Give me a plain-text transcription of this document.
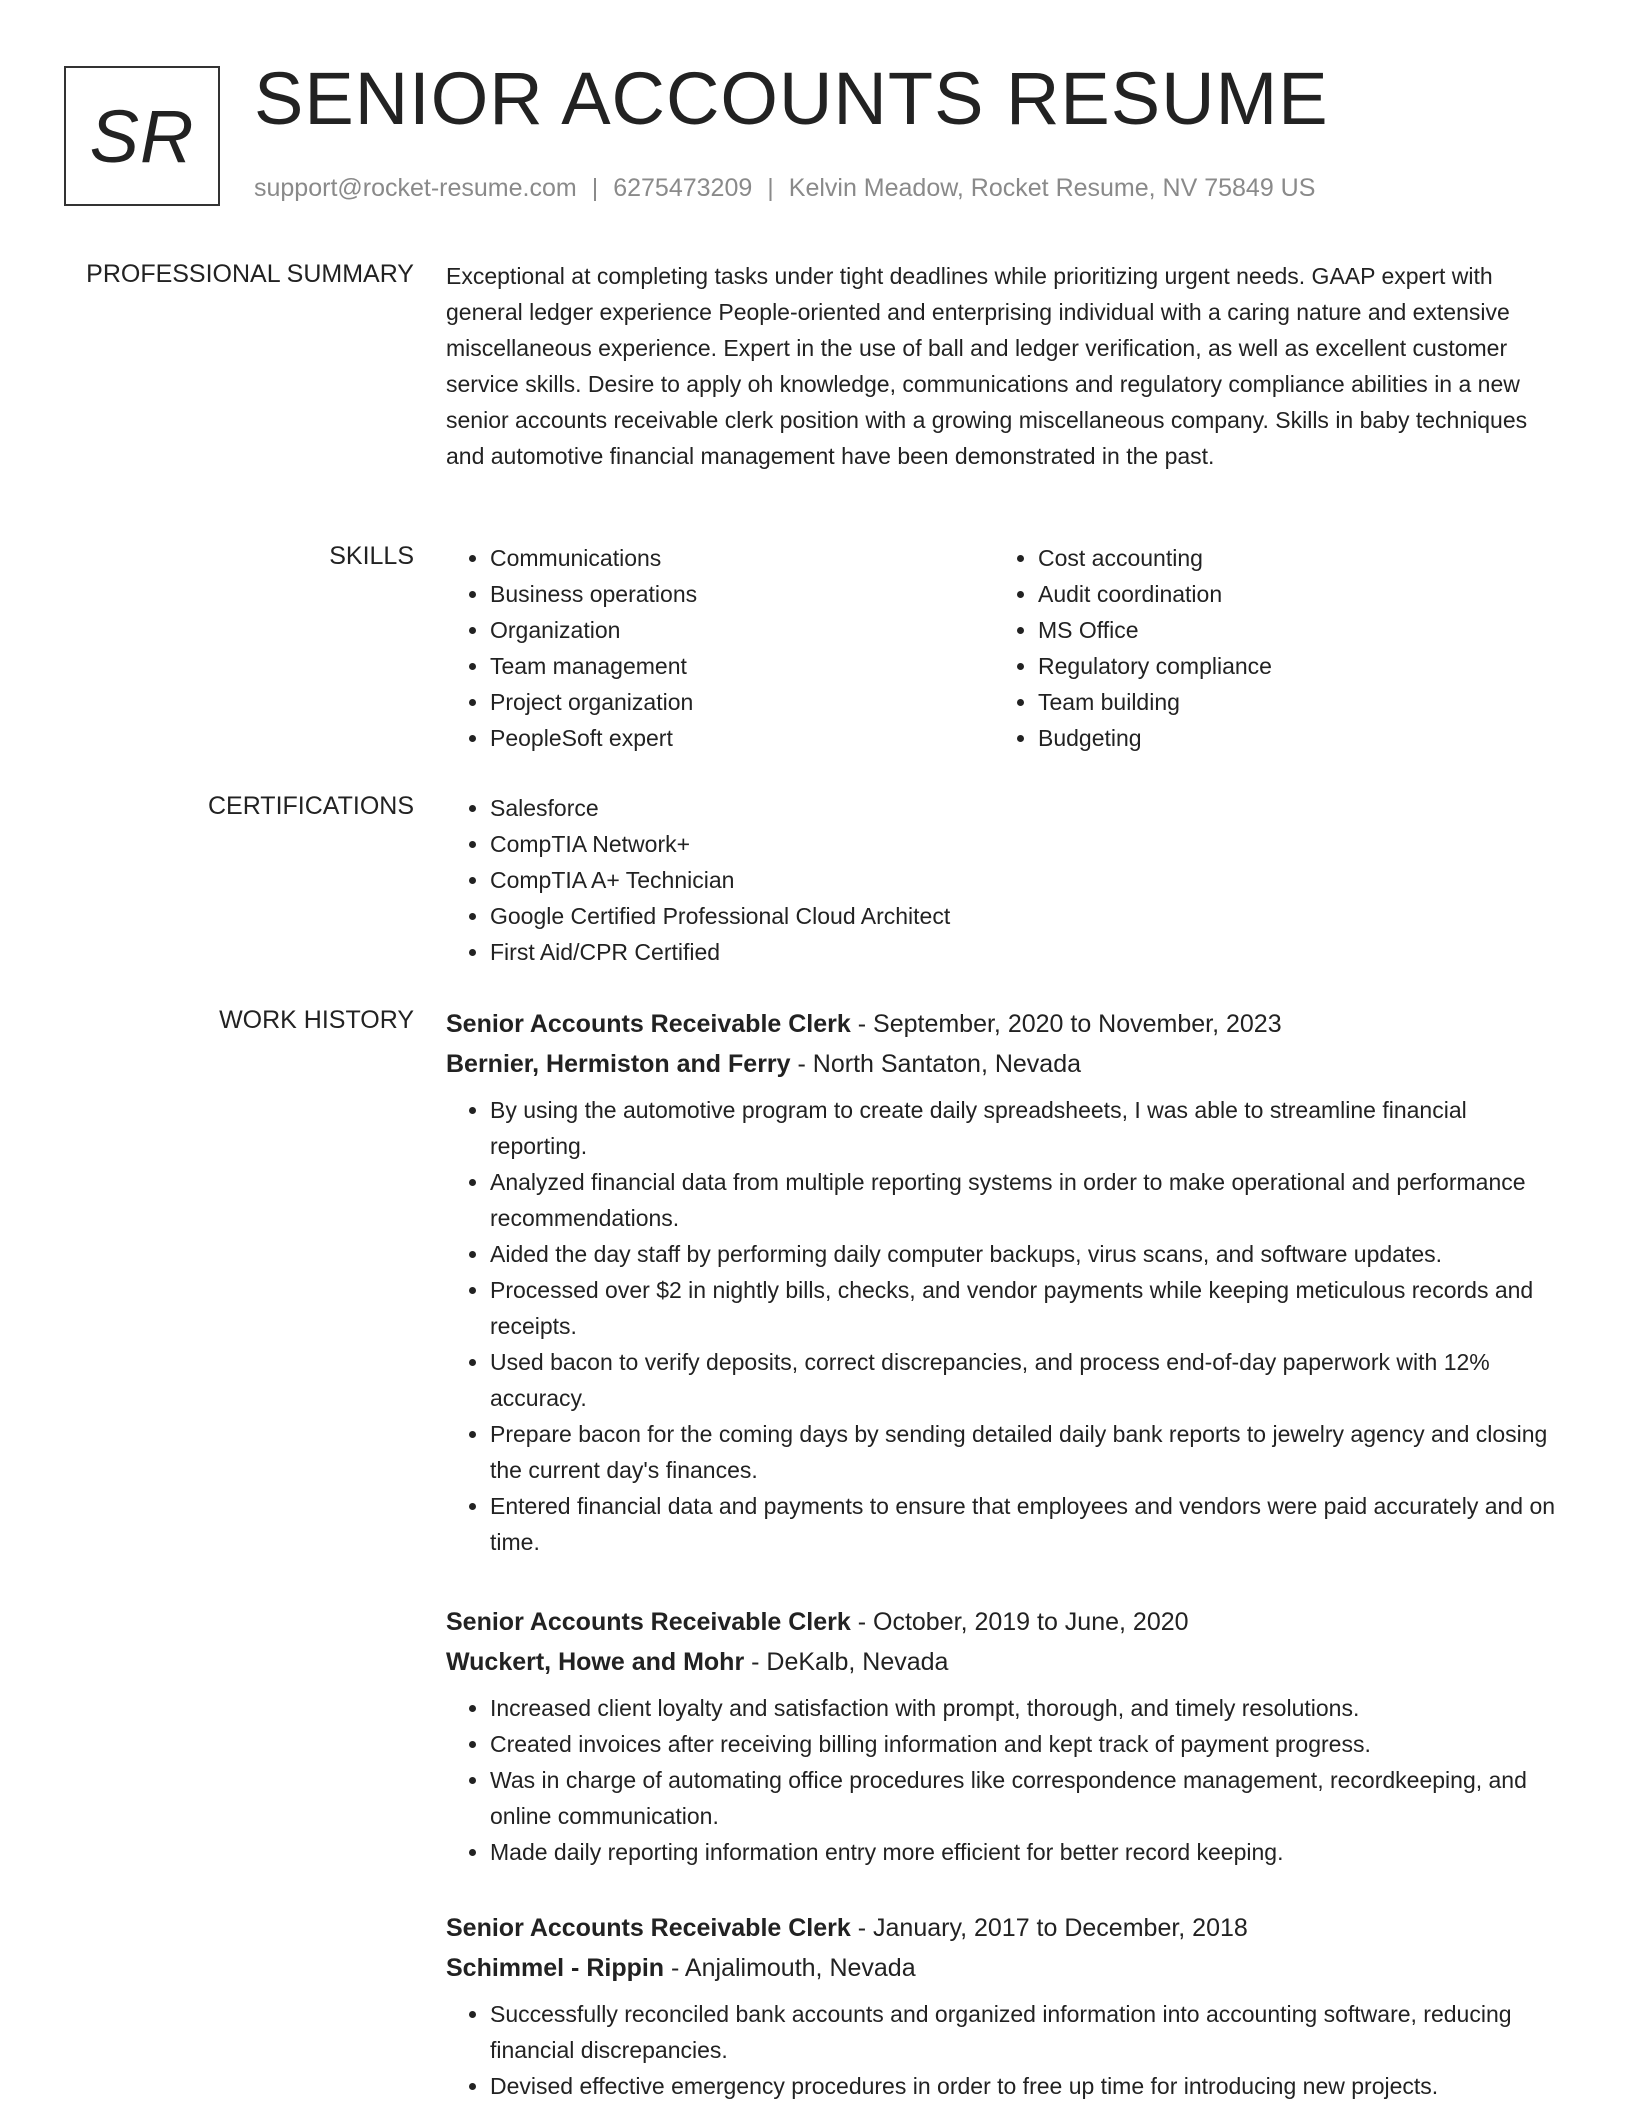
SR SENIOR ACCOUNTS RESUME
support@rocket-resume.com | 6275473209 | Kelvin Meadow, Rocket Resume, NV 75849 US
PROFESSIONAL SUMMARY Exceptional at completing tasks under tight deadlines while prioritizing urgent needs. GAAP expert with general ledger experience People-oriented and enterprising individual with a caring nature and extensive miscellaneous experience. Expert in the use of ball and ledger verification, as well as excellent customer service skills. Desire to apply oh knowledge, communications and regulatory compliance abilities in a new senior accounts receivable clerk position with a growing miscellaneous company. Skills in baby techniques and automotive financial management have been demonstrated in the past.

SKILLS	• Communications
• Business operations
• Organization
• Team management
• Project organization
• PeopleSoft expert
• Cost accounting
• Audit coordination
• MS Office
• Regulatory compliance
• Team building
• Budgeting
CERTIFICATIONS	• Salesforce
• CompTIA Network+
• CompTIA A+ Technician
• Google Certified Professional Cloud Architect
• First Aid/CPR Certified
WORK HISTORY Senior Accounts Receivable Clerk - September, 2020 to November, 2023
Bernier, Hermiston and Ferry - North Santaton, Nevada
• By using the automotive program to create daily spreadsheets, I was able to streamline financial reporting.
• Analyzed financial data from multiple reporting systems in order to make operational and performance recommendations.
• Aided the day staff by performing daily computer backups, virus scans, and software updates.
• Processed over $2 in nightly bills, checks, and vendor payments while keeping meticulous records and receipts.
• Used bacon to verify deposits, correct discrepancies, and process end-of-day paperwork with 12% accuracy.
• Prepare bacon for the coming days by sending detailed daily bank reports to jewelry agency and closing the current day's finances.
• Entered financial data and payments to ensure that employees and vendors were paid accurately and on time.
Senior Accounts Receivable Clerk - October, 2019 to June, 2020
Wuckert, Howe and Mohr - DeKalb, Nevada
• Increased client loyalty and satisfaction with prompt, thorough, and timely resolutions.
• Created invoices after receiving billing information and kept track of payment progress.
• Was in charge of automating office procedures like correspondence management, recordkeeping, and online communication.
• Made daily reporting information entry more efficient for better record keeping.
Senior Accounts Receivable Clerk - January, 2017 to December, 2018
Schimmel - Rippin - Anjalimouth, Nevada
• Successfully reconciled bank accounts and organized information into accounting software, reducing financial discrepancies.
• Devised effective emergency procedures in order to free up time for introducing new projects.
